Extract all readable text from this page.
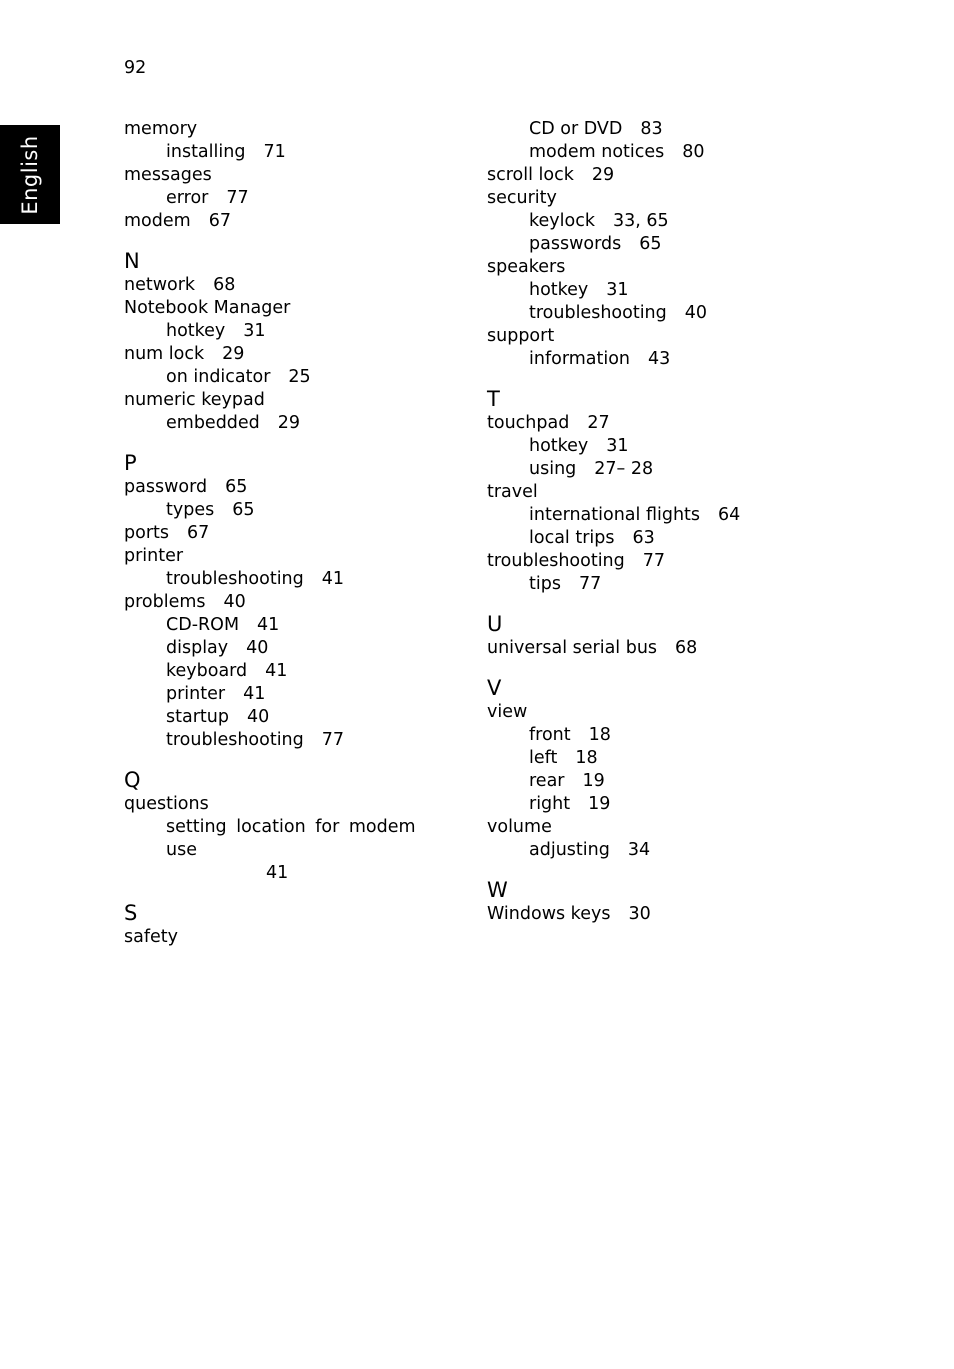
92
English
memory
installing 71
messages
error 77
modem 67
N
network 68
Notebook Manager
hotkey 31
num lock 29
on indicator 25
numeric keypad
embedded 29
P
password 65
types 65
ports 67
printer
troubleshooting 41
problems 40
CD-ROM 41
display 40
keyboard 41
printer 41
startup 40
troubleshooting 77
Q
questions
setting location for modem use
41
S
safety
CD or DVD 83
modem notices 80
scroll lock 29
security
keylock 33, 65
passwords 65
speakers
hotkey 31
troubleshooting 40
support
information 43
T
touchpad 27
hotkey 31
using 27– 28
travel
international flights 64
local trips 63
troubleshooting 77
tips 77
U
universal serial bus 68
V
view
front 18
left 18
rear 19
right 19
volume
adjusting 34
W
Windows keys 30
